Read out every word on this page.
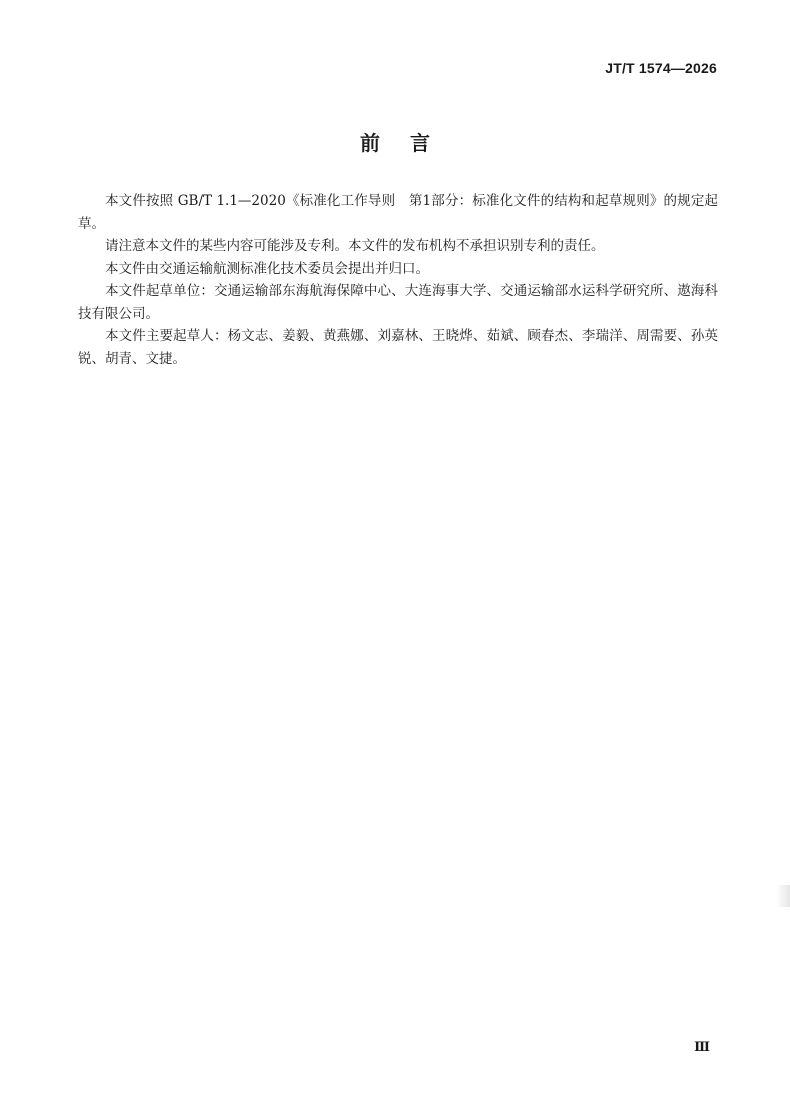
JT/T 1574—2026
前言

本文件按照 GB/T 1.1—2020《标准化工作导则　第1部分：标准化文件的结构和起草规则》的规定起草。

请注意本文件的某些内容可能涉及专利。本文件的发布机构不承担识别专利的责任。

本文件由交通运输航测标准化技术委员会提出并归口。

本文件起草单位：交通运输部东海航海保障中心、大连海事大学、交通运输部水运科学研究所、遨海科技有限公司。

本文件主要起草人：杨文志、姜毅、黄燕娜、刘嘉林、王晓烨、茹斌、顾春杰、李瑞洋、周需要、孙英锐、胡青、文捷。

Ⅲ
